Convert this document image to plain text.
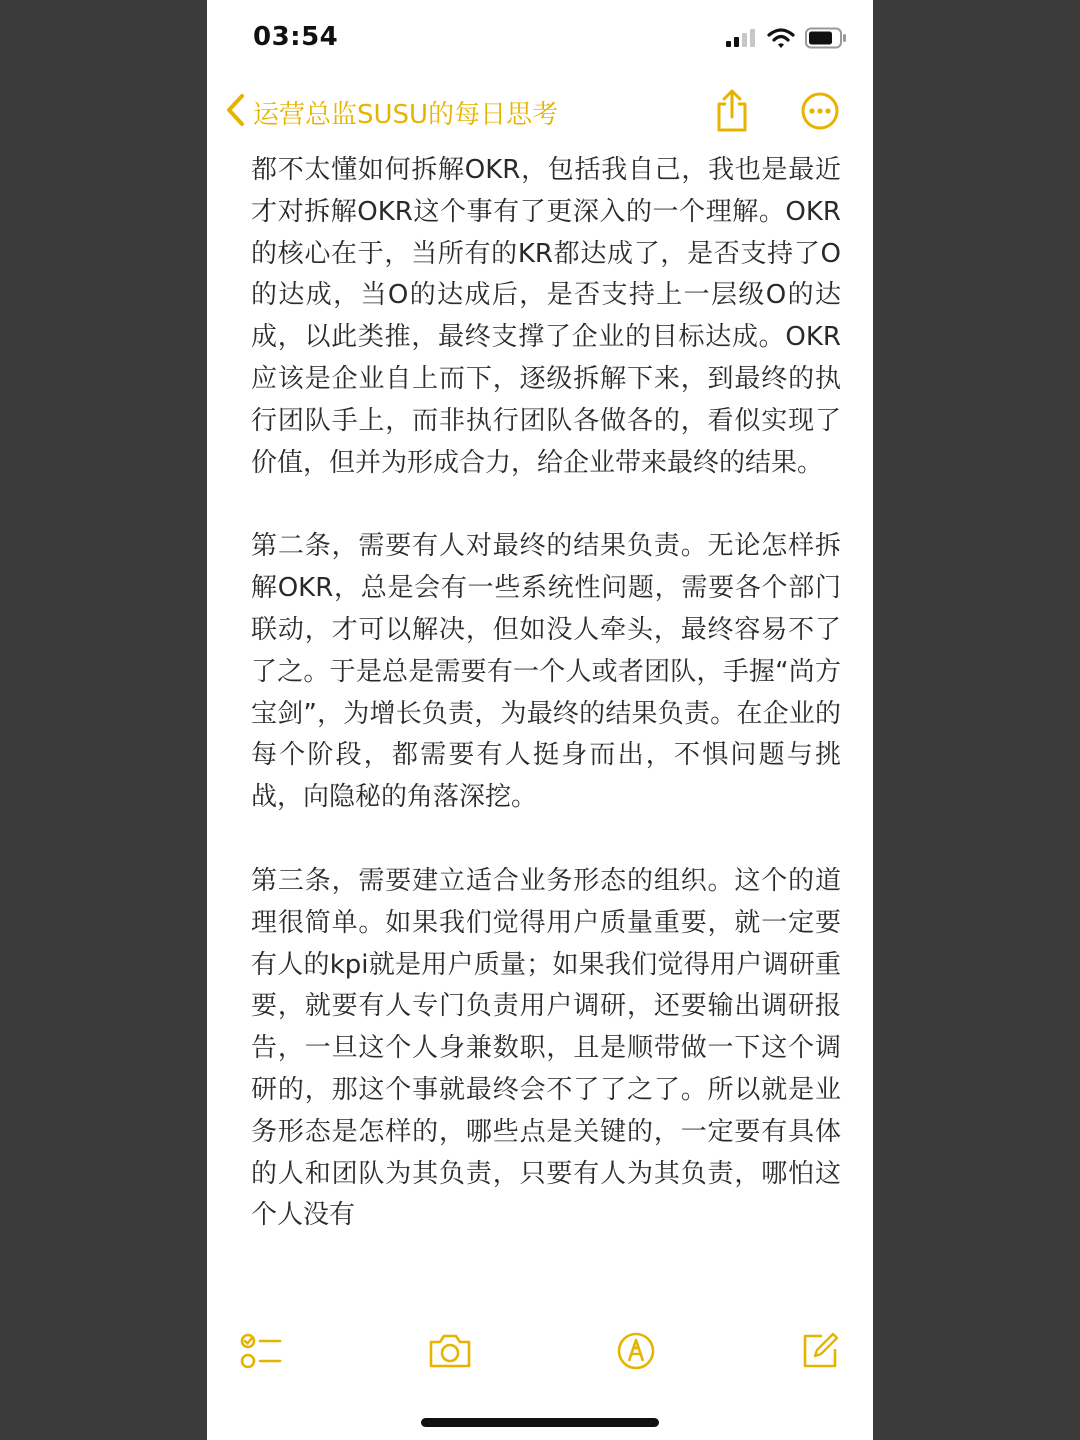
03:54
运营总监SUSU的每日思考

都不太懂如何拆解OKR，包括我自己，我也是最近才对拆解OKR这个事有了更深入的一个理解。OKR的核心在于，当所有的KR都达成了，是否支持了O的达成，当O的达成后，是否支持上一层级O的达成，以此类推，最终支撑了企业的目标达成。OKR应该是企业自上而下，逐级拆解下来，到最终的执行团队手上，而非执行团队各做各的，看似实现了价值，但并为形成合力，给企业带来最终的结果。

第二条，需要有人对最终的结果负责。无论怎样拆解OKR，总是会有一些系统性问题，需要各个部门联动，才可以解决，但如没人牵头，最终容易不了了之。于是总是需要有一个人或者团队，手握“尚方宝剑”，为增长负责，为最终的结果负责。在企业的每个阶段，都需要有人挺身而出，不惧问题与挑战，向隐秘的角落深挖。

第三条，需要建立适合业务形态的组织。这个的道理很简单。如果我们觉得用户质量重要，就一定要有人的kpi就是用户质量；如果我们觉得用户调研重要，就要有人专门负责用户调研，还要输出调研报告，一旦这个人身兼数职，且是顺带做一下这个调研的，那这个事就最终会不了了之了。所以就是业务形态是怎样的，哪些点是关键的，一定要有具体的人和团队为其负责，只要有人为其负责，哪怕这个人没有
